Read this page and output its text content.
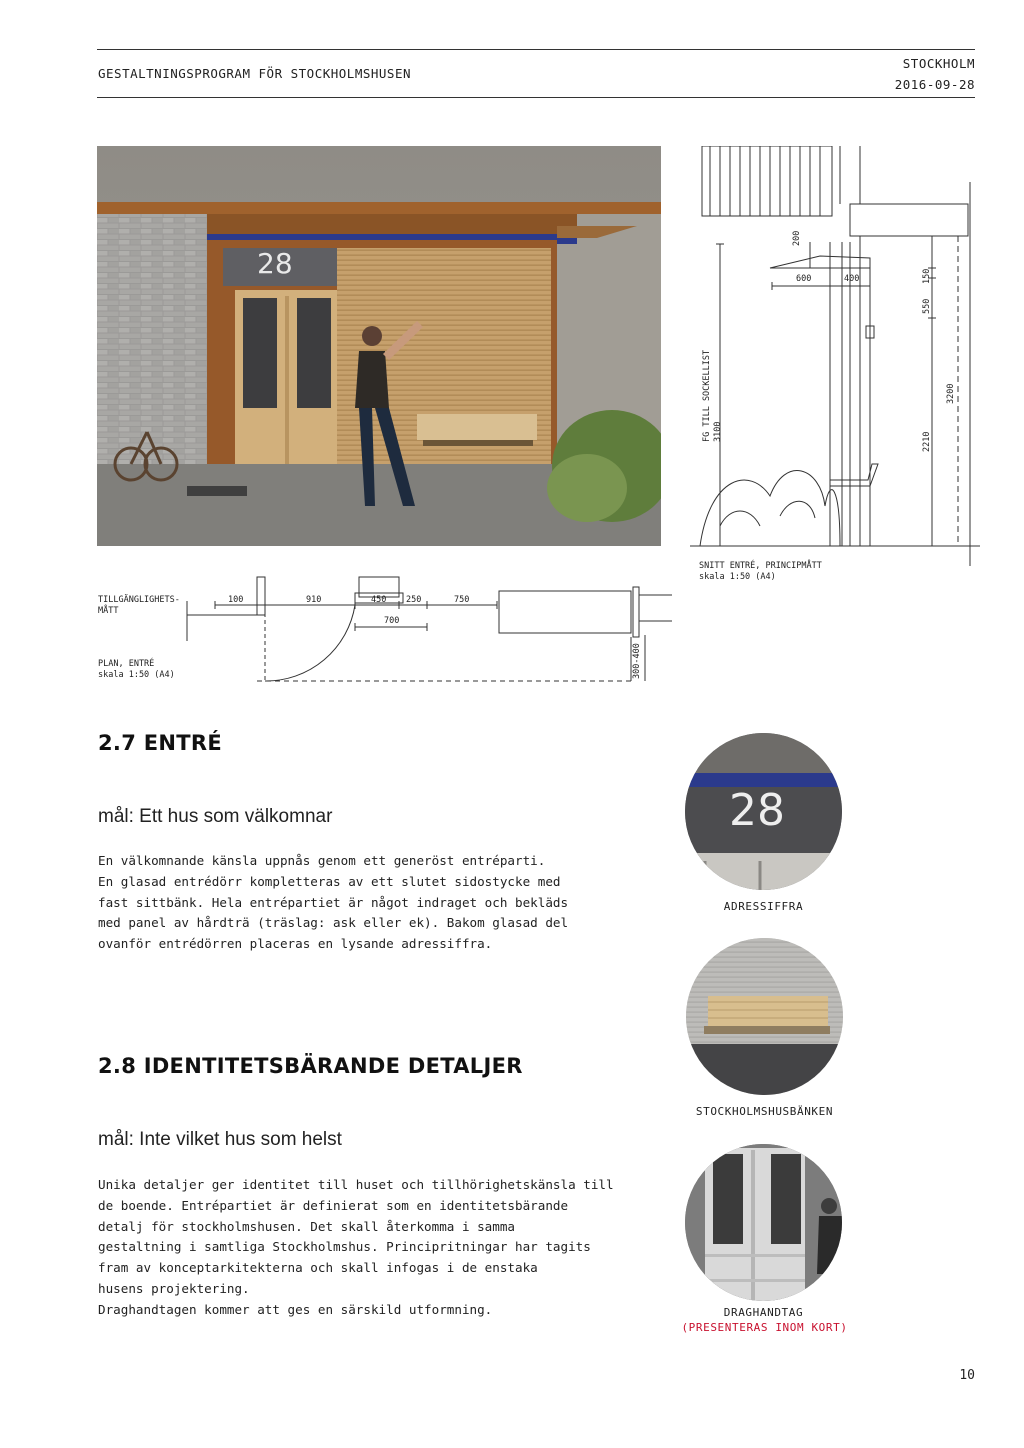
GESTALTNINGSPROGRAM FÖR STOCKHOLMSHUSEN
STOCKHOLM
2016-09-28
28
200
600	400	150
550
3200
2210
FG TILL SOCKELLIST 3100
SNITT ENTRÉ, PRINCIPMÅTT
skala 1:50 (A4)
TILLGÄNGLIGHETS-
MÅTT
100	910	450 250	750
700
300-400
PLAN, ENTRÉ
skala 1:50 (A4)
2.7 ENTRÉ
mål: Ett hus som välkomnar

En välkomnande känsla uppnås genom ett generöst entréparti.

En glasad entrédörr kompletteras av ett slutet sidostycke med

fast sittbänk. Hela entrépartiet är något indraget och bekläds

med panel av hårdträ (träslag: ask eller ek). Bakom glasad del

ovanför entrédörren placeras en lysande adressiffra.

2.8 IDENTITETSBÄRANDE DETALJER
mål: Inte vilket hus som helst

Unika detaljer ger identitet till huset och tillhörighetskänsla till

de boende. Entrépartiet är definierat som en identitetsbärande

detalj för stockholmshusen. Det skall återkomma i samma

gestaltning i samtliga Stockholmshus. Principritningar har tagits

fram av konceptarkitekterna och skall infogas i de enstaka

husens projektering.

Draghandtagen kommer att ges en särskild utformning.

28
ADRESSIFFRA
STOCKHOLMSHUSBÄNKEN
DRAGHANDTAG
(PRESENTERAS INOM KORT)
10
